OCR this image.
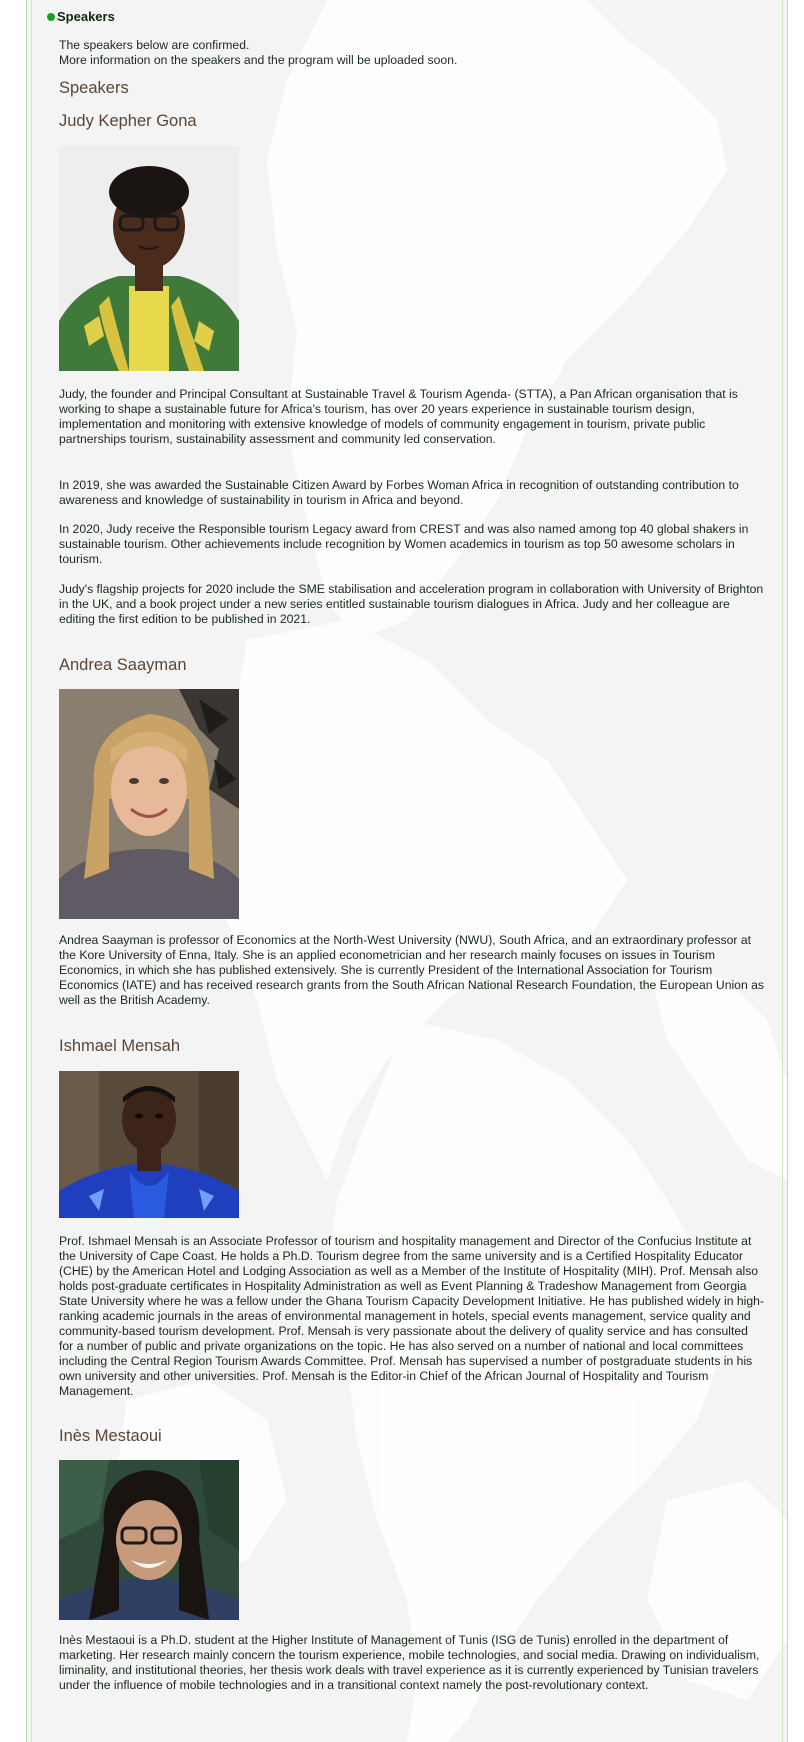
Speakers

The speakers below are confirmed.

More information on the speakers and the program will be uploaded soon.

Speakers
Judy Kepher Gona

Judy, the founder and Principal Consultant at Sustainable Travel & Tourism Agenda- (STTA), a Pan African organisation that is working to shape a sustainable future for Africa’s tourism, has over 20 years experience in sustainable tourism design, implementation and monitoring with extensive knowledge of models of community engagement in tourism, private public partnerships tourism, sustainability assessment and community led conservation.

In 2019, she was awarded the Sustainable Citizen Award by Forbes Woman Africa in recognition of outstanding contribution to awareness and knowledge of sustainability in tourism in Africa and beyond.

In 2020, Judy receive the Responsible tourism Legacy award from CREST and was also named among top 40 global shakers in sustainable tourism. Other achievements include recognition by Women academics in tourism as top 50 awesome scholars in tourism.

Judy's flagship projects for 2020 include the SME stabilisation and acceleration program in collaboration with University of Brighton in the UK, and a book project under a new series entitled sustainable tourism dialogues in Africa. Judy and her colleague are editing the first edition to be published in 2021.

Andrea Saayman

Andrea Saayman is professor of Economics at the North-West University (NWU), South Africa, and an extraordinary professor at the Kore University of Enna, Italy. She is an applied econometrician and her research mainly focuses on issues in Tourism Economics, in which she has published extensively. She is currently President of the International Association for Tourism Economics (IATE) and has received research grants from the South African National Research Foundation, the European Union as well as the British Academy.

Ishmael Mensah

Prof. Ishmael Mensah is an Associate Professor of tourism and hospitality management and Director of the Confucius Institute at the University of Cape Coast. He holds a Ph.D. Tourism degree from the same university and is a Certified Hospitality Educator (CHE) by the American Hotel and Lodging Association as well as a Member of the Institute of Hospitality (MIH). Prof. Mensah also holds post-graduate certificates in Hospitality Administration as well as Event Planning & Tradeshow Management from Georgia State University where he was a fellow under the Ghana Tourism Capacity Development Initiative. He has published widely in high-ranking academic journals in the areas of environmental management in hotels, special events management, service quality and community-based tourism development. Prof. Mensah is very passionate about the delivery of quality service and has consulted for a number of public and private organizations on the topic. He has also served on a number of national and local committees including the Central Region Tourism Awards Committee. Prof. Mensah has supervised a number of postgraduate students in his own university and other universities. Prof. Mensah is the Editor-in Chief of the African Journal of Hospitality and Tourism Management.

Inès Mestaoui

Inès Mestaoui is a Ph.D. student at the Higher Institute of Management of Tunis (ISG de Tunis) enrolled in the department of marketing. Her research mainly concern the tourism experience, mobile technologies, and social media. Drawing on individualism, liminality, and institutional theories, her thesis work deals with travel experience as it is currently experienced by Tunisian travelers under the influence of mobile technologies and in a transitional context namely the post-revolutionary context.
